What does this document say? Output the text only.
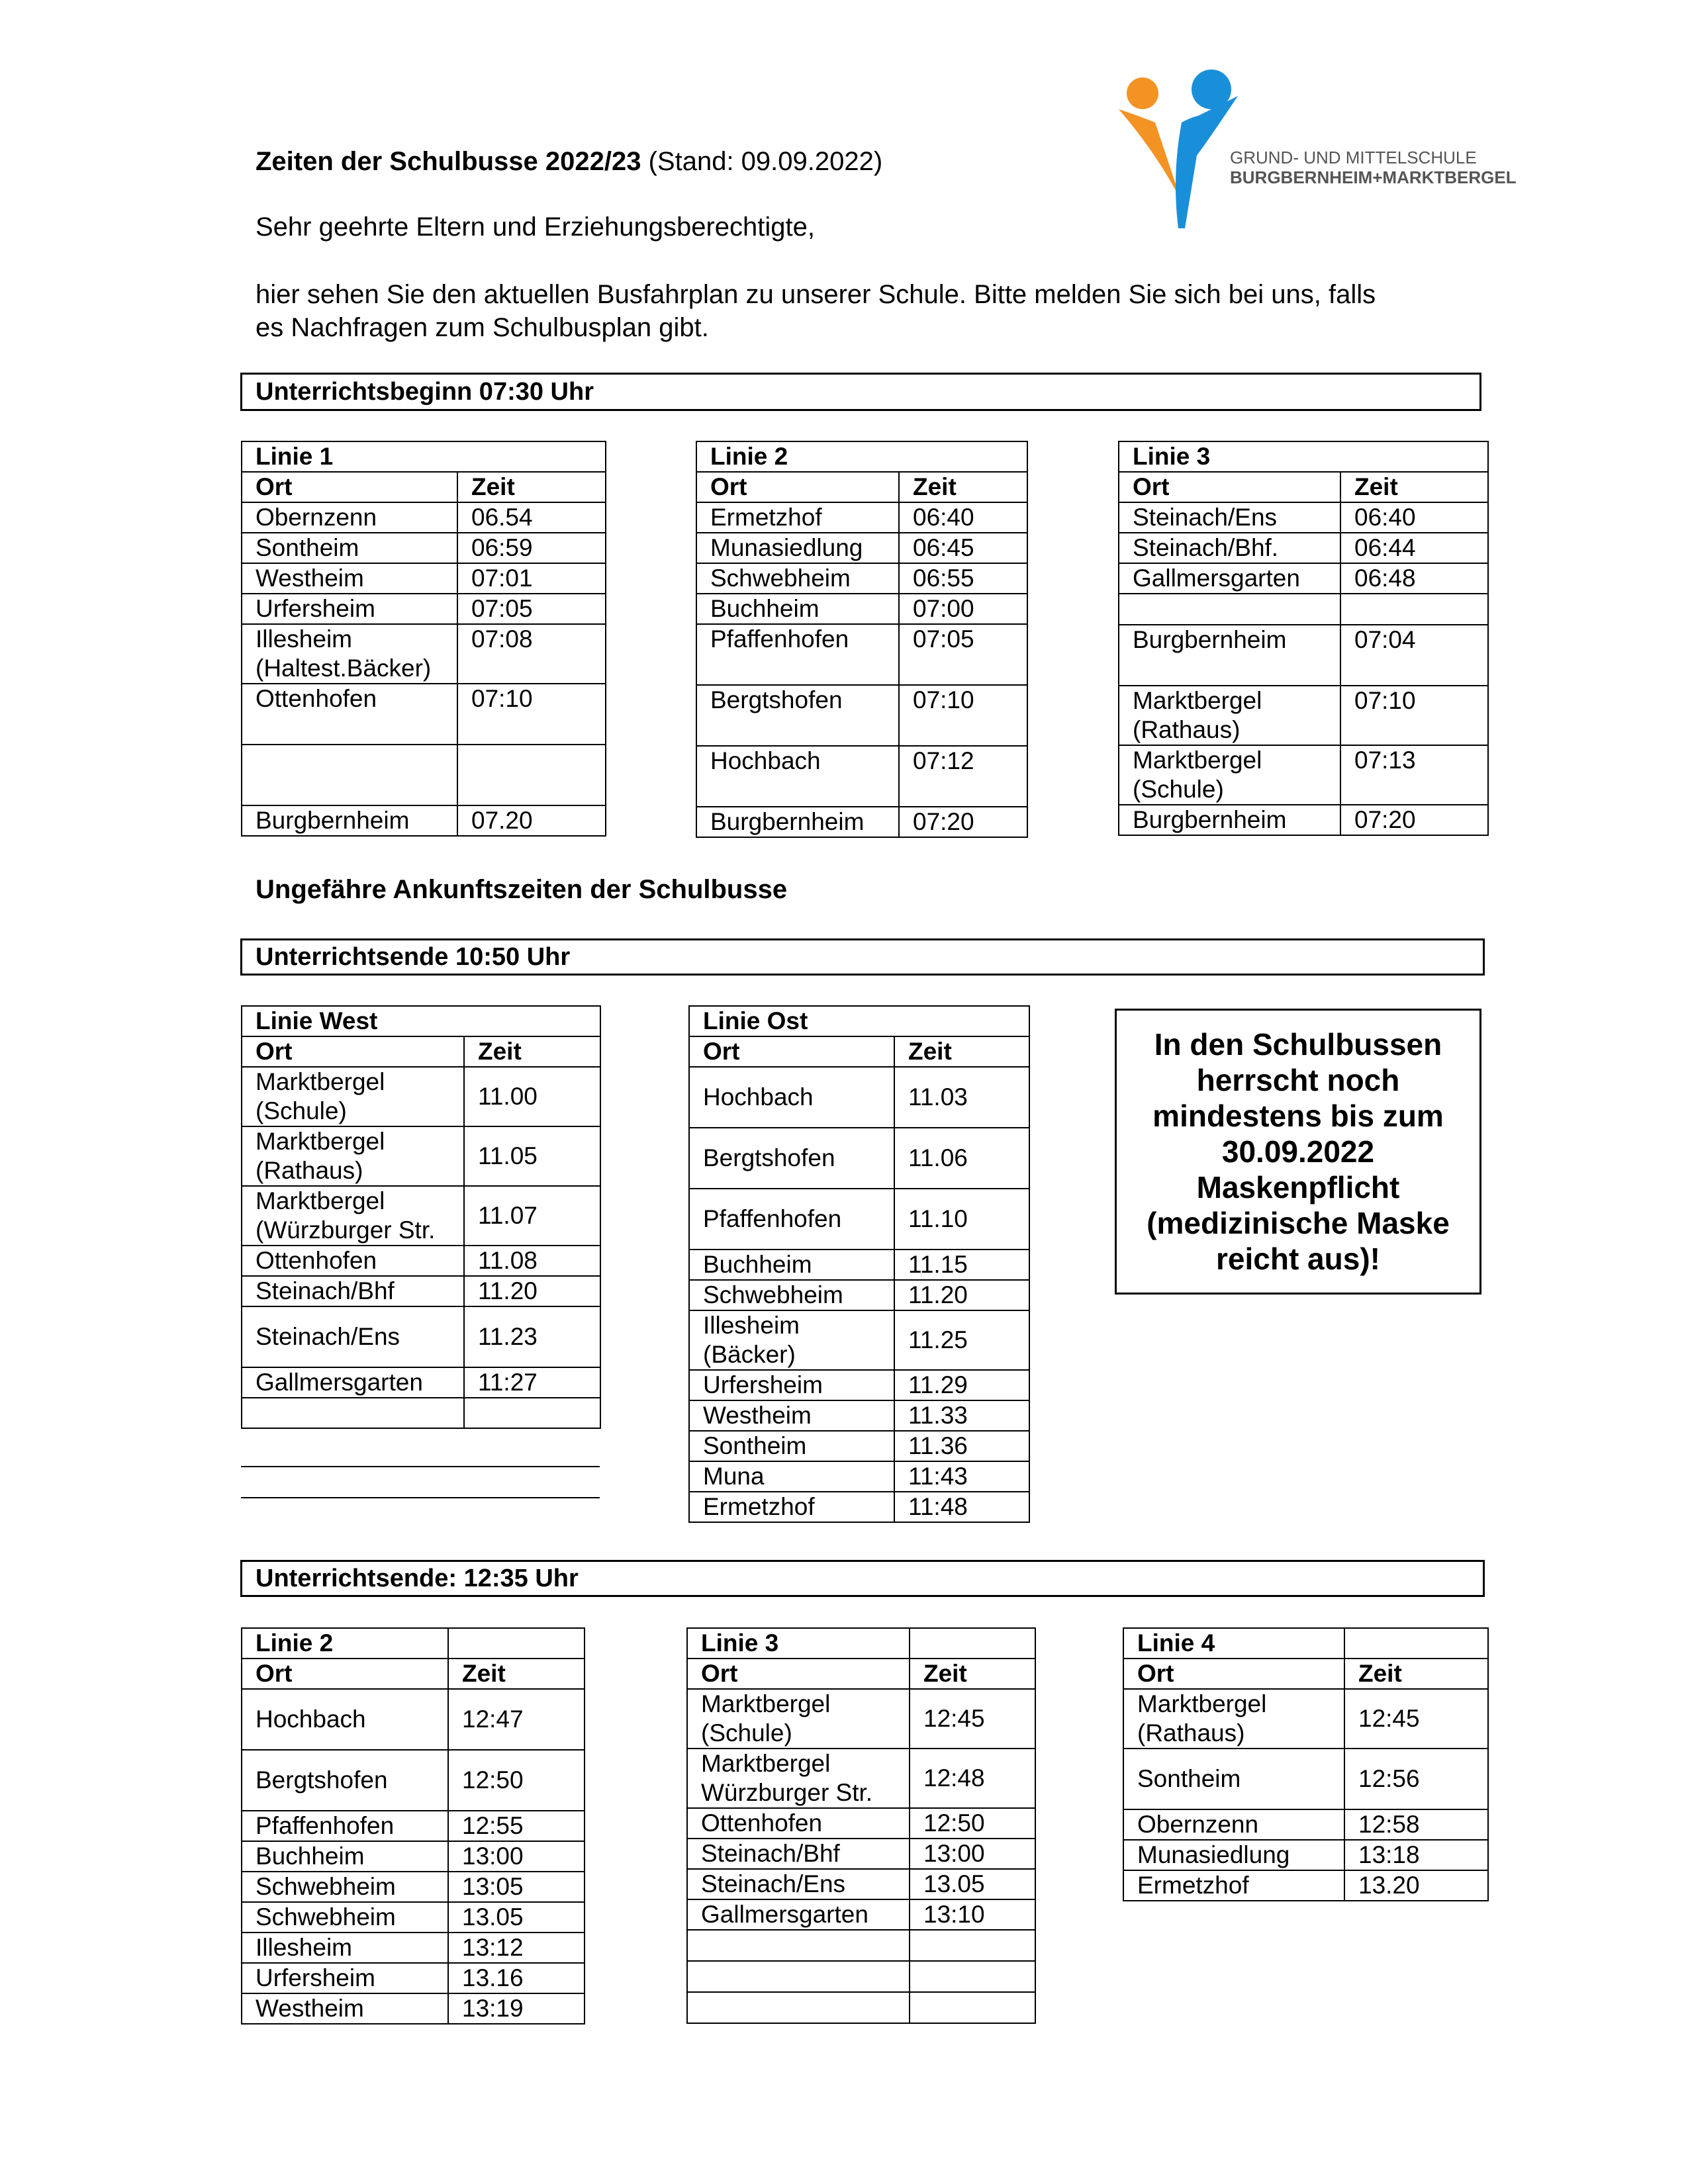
GRUND- UND MITTELSCHULE
BURGBERNHEIM+MARKTBERGEL
Zeiten der Schulbusse 2022/23 (Stand: 09.09.2022)
Sehr geehrte Eltern und Erziehungsberechtigte,
hier sehen Sie den aktuellen Busfahrplan zu unserer Schule. Bitte melden Sie sich bei uns, falls
es Nachfragen zum Schulbusplan gibt.
Unterrichtsbeginn 07:30 Uhr
Linie 1	
Ort	Zeit
Obernzenn	06.54
Sontheim	06:59
Westheim	07:01
Urfersheim	07:05

Illesheim
(Haltest.Bäcker)	07:08
Ottenhofen	07:10

Burgbernheim	07.20
Linie 2	
Ort	Zeit
Ermetzhof	06:40
Munasiedlung	06:45
Schwebheim	06:55
Buchheim	07:00
Pfaffenhofen	07:05
Bergtshofen	07:10
Hochbach	07:12
Burgbernheim	07:20
Linie 3	
Ort	Zeit
Steinach/Ens	06:40
Steinach/Bhf.	06:44
Gallmersgarten	06:48

Burgbernheim	07:04

Marktbergel
(Rathaus)	07:10

Marktbergel
(Schule)	07:13
Burgbernheim	07:20
Ungefähre Ankunftszeiten der Schulbusse
Unterrichtsende 10:50 Uhr
Linie West	
Ort	Zeit

Marktbergel
(Schule)	11.00

Marktbergel
(Rathaus)	11.05

Marktbergel
(Würzburger Str.	11.07
Ottenhofen	11.08
Steinach/Bhf	11.20
Steinach/Ens	11.23
Gallmersgarten	11:27

Linie Ost	
Ort	Zeit
Hochbach	11.03
Bergtshofen	11.06
Pfaffenhofen	11.10
Buchheim	11.15
Schwebheim	11.20

Illesheim
(Bäcker)	11.25
Urfersheim	11.29
Westheim	11.33
Sontheim	11.36
Muna	11:43
Ermetzhof	11:48
In den Schulbussen
herrscht noch
mindestens bis zum
30.09.2022
Maskenpflicht
(medizinische Maske
reicht aus)!
Unterrichtsende: 12:35 Uhr
Linie 2	
Ort	Zeit
Hochbach	12:47
Bergtshofen	12:50
Pfaffenhofen	12:55
Buchheim	13:00
Schwebheim	13:05
Schwebheim	13.05
Illesheim	13:12
Urfersheim	13.16
Westheim	13:19
Linie 3	
Ort	Zeit

Marktbergel
(Schule)	12:45

Marktbergel
Würzburger Str.	12:48
Ottenhofen	12:50
Steinach/Bhf	13:00
Steinach/Ens	13.05
Gallmersgarten	13:10

Linie 4	
Ort	Zeit

Marktbergel
(Rathaus)	12:45
Sontheim	12:56
Obernzenn	12:58
Munasiedlung	13:18
Ermetzhof	13.20
